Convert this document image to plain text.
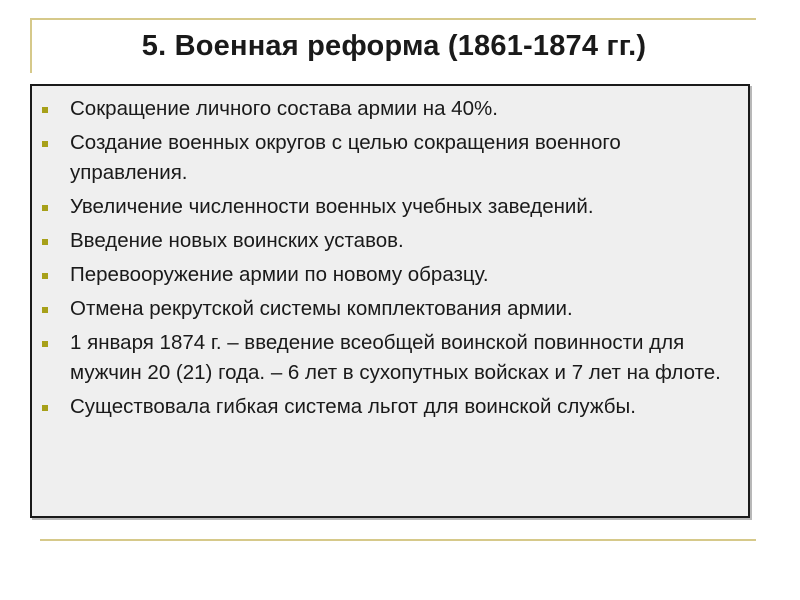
5. Военная реформа (1861-1874 гг.)
Сокращение личного состава армии на 40%.
Создание военных округов с целью сокращения военного управления.
Увеличение численности военных учебных заведений.
Введение новых воинских уставов.
Перевооружение армии по новому образцу.
Отмена рекрутской системы комплектования армии.
1 января 1874 г. – введение всеобщей воинской повинности для мужчин 20 (21) года. – 6 лет в сухопутных войсках и 7 лет на флоте.
Существовала гибкая система льгот для воинской службы.
